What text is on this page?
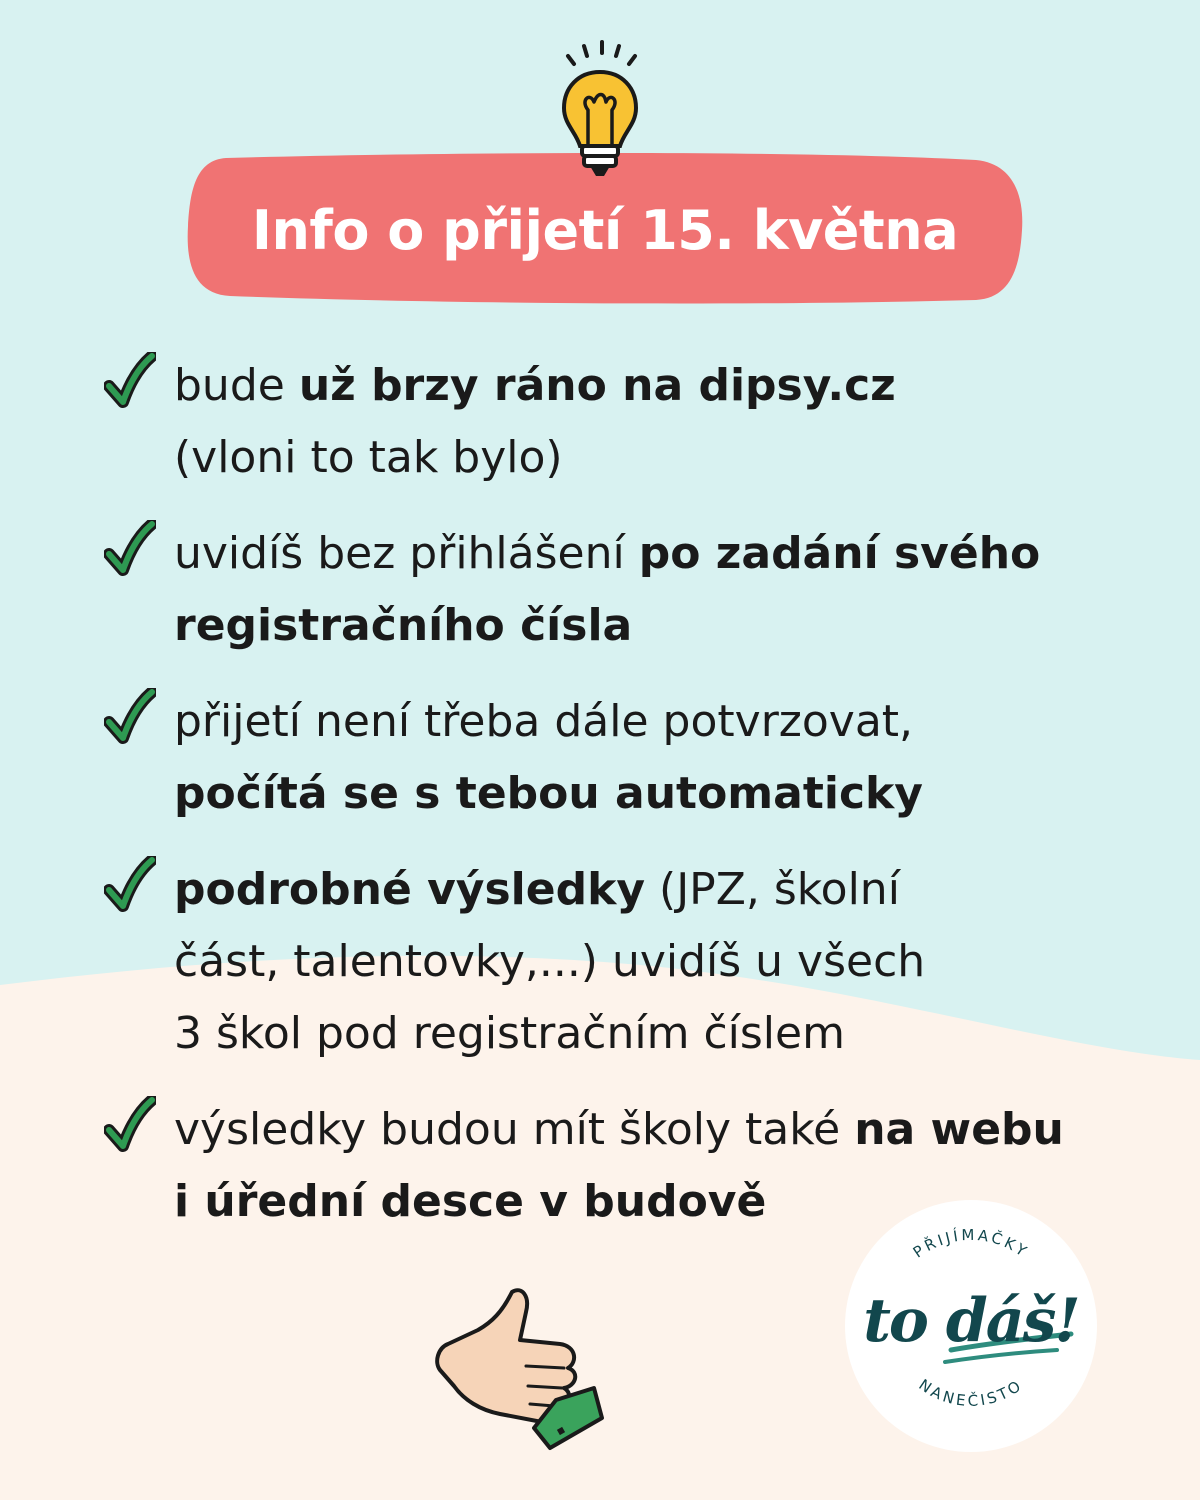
Info o přijetí 15. května
bude už brzy ráno na dipsy.cz
(vloni to tak bylo)
uvidíš bez přihlášení po zadání svého
registračního čísla
přijetí není třeba dále potvrzovat,
počítá se s tebou automaticky
podrobné výsledky (JPZ, školní
část, talentovky,...) uvidíš u všech
3 škol pod registračním číslem
výsledky budou mít školy také na webu
i úřední desce v budově
PŘIJÍMAČKY
NANEČISTO
to dáš!
